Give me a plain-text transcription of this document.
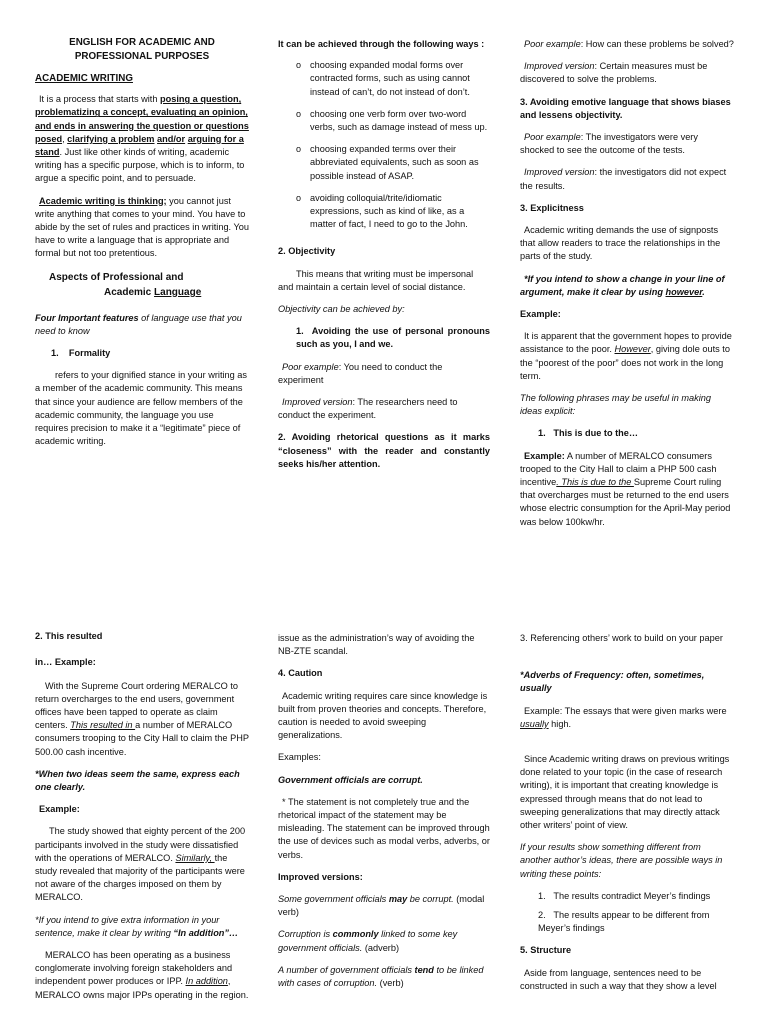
ENGLISH FOR ACADEMIC AND
PROFESSIONAL PURPOSES
ACADEMIC WRITING

It is a process that starts with posing a question, problematizing a concept, evaluating an opinion, and ends in answering the question or questions posed, clarifying a problem and/or arguing for a stand. Just like other kinds of writing, academic writing has a specific purpose, which is to inform, to argue a specific point, and to persuade.

Academic writing is thinking; you cannot just write anything that comes to your mind. You have to abide by the set of rules and practices in writing. You have to write a language that is appropriate and formal but not too pretentious.

Aspects of Professional and
Academic Language

Four Important features of language use that you need to know

1. Formality

refers to your dignified stance in your writing as a member of the academic community. This means that since your audience are fellow members of the academic community, the language you use requires precision to make it a “legitimate” piece of academic writing.

It can be achieved through the following ways :

o choosing expanded modal forms over contracted forms, such as using cannot instead of can’t, do not instead of don’t.
o choosing one verb form over two-word verbs, such as damage instead of mess up.
o choosing expanded terms over their abbreviated equivalents, such as soon as possible instead of ASAP.
o avoiding colloquial/trite/idiomatic expressions, such as kind of like, as a matter of fact, I need to go to the John.

2. Objectivity

This means that writing must be impersonal and maintain a certain level of social distance.

Objectivity can be achieved by:

1. Avoiding the use of personal pronouns such as you, I and we.

Poor example: You need to conduct the experiment

Improved version: The researchers need to conduct the experiment.

2. Avoiding rhetorical questions as it marks “closeness” with the reader and constantly seeks his/her attention.

Poor example: How can these problems be solved?

Improved version: Certain measures must be discovered to solve the problems.

3. Avoiding emotive language that shows biases and lessens objectivity.

Poor example: The investigators were very shocked to see the outcome of the tests.

Improved version: the investigators did not expect the results.

3. Explicitness

Academic writing demands the use of signposts that allow readers to trace the relationships in the parts of the study.

*If you intend to show a change in your line of argument, make it clear by using however.

Example:

It is apparent that the government hopes to provide assistance to the poor. However, giving dole outs to the “poorest of the poor” does not work in the long term.

The following phrases may be useful in making ideas explicit:

1. This is due to the…

Example: A number of MERALCO consumers trooped to the City Hall to claim a PHP 500 cash incentive. This is due to the Supreme Court ruling that overcharges must be returned to the end users whose electric consumption for the April-May period was below 100kw/hr.

2. This resulted

in… Example:

With the Supreme Court ordering MERALCO to return overcharges to the end users, government offices have been tapped to operate as claim centers. This resulted in a number of MERALCO consumers trooping to the City Hall to claim the PHP 500.00 cash incentive.

*When two ideas seem the same, express each one clearly.

Example:

The study showed that eighty percent of the 200 participants involved in the study were dissatisfied with the operations of MERALCO. Similarly, the study revealed that majority of the participants were not aware of the charges imposed on them by MERALCO.

*If you intend to give extra information in your sentence, make it clear by writing “In addition”…

MERALCO has been operating as a business conglomerate involving foreign stakeholders and independent power produces or IPP. In addition, MERALCO owns major IPPs operating in the region.

issue as the administration’s way of avoiding the NB-ZTE scandal.

4. Caution

Academic writing requires care since knowledge is built from proven theories and concepts. Therefore, caution is needed to avoid sweeping generalizations.

Examples:

Government officials are corrupt.

* The statement is not completely true and the rhetorical impact of the statement may be misleading. The statement can be improved through the use of devices such as modal verbs, adverbs, or verbs.

Improved versions:

Some government officials may be corrupt. (modal verb)

Corruption is commonly linked to some key government officials. (adverb)

A number of government officials tend to be linked with cases of corruption. (verb)

3. Referencing others’ work to build on your paper

*Adverbs of Frequency: often, sometimes, usually

Example: The essays that were given marks were usually high.

Since Academic writing draws on previous writings done related to your topic (in the case of research writing), it is important that creating knowledge is expressed through means that do not lead to sweeping generalizations that may directly attack other writers’ point of view.

If your results show something different from another author’s ideas, there are possible ways in writing these points:

1. The results contradict Meyer’s findings

2. The results appear to be different from Meyer’s findings

5. Structure

Aside from language, sentences need to be constructed in such a way that they show a level
